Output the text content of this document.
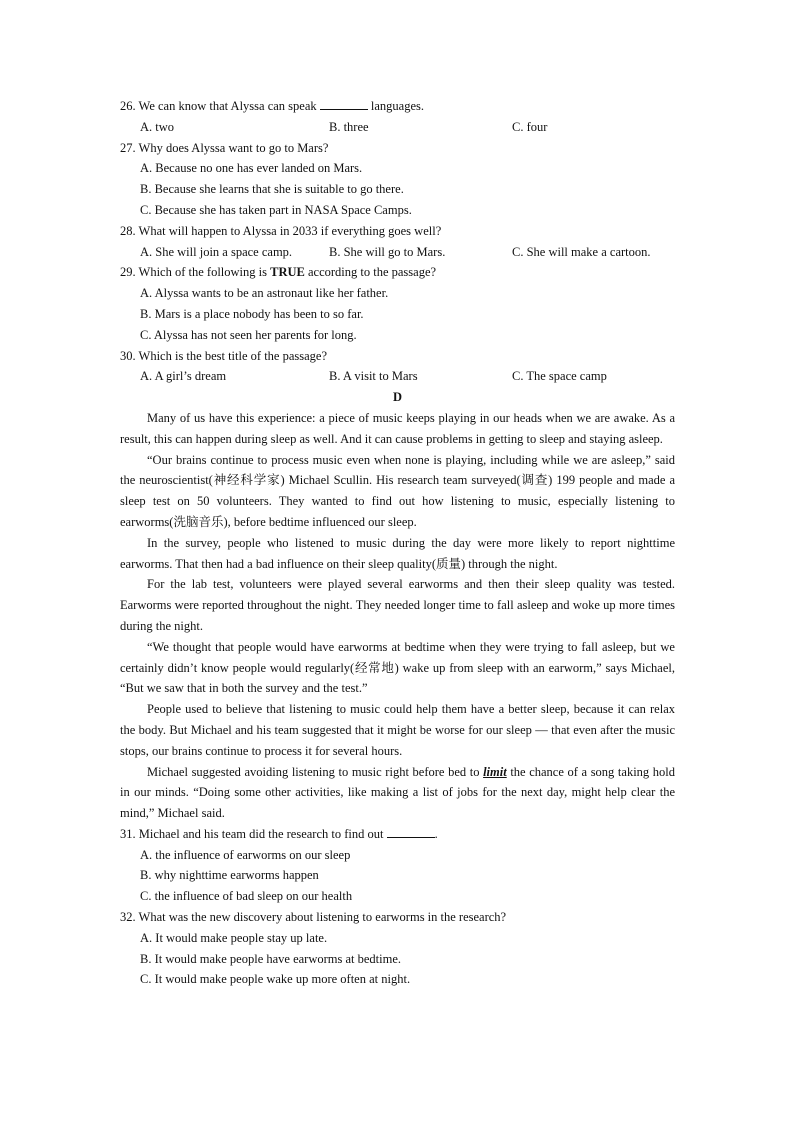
26. We can know that Alyssa can speak	languages.

A. two	B. three	C. four

27. Why does Alyssa want to go to Mars?

A. Because no one has ever landed on Mars.

B. Because she learns that she is suitable to go there.

C. Because she has taken part in NASA Space Camps.

28. What will happen to Alyssa in 2033 if everything goes well?

A. She will join a space camp.	B. She will go to Mars.	C. She will make a cartoon.

29. Which of the following is TRUE according to the passage?

A. Alyssa wants to be an astronaut like her father.

B. Mars is a place nobody has been to so far.

C. Alyssa has not seen her parents for long.

30. Which is the best title of the passage?

A. A girl’s dream	B. A visit to Mars	C. The space camp

D

Many of us have this experience: a piece of music keeps playing in our heads when we are awake. As a result, this can happen during sleep as well. And it can cause problems in getting to sleep and staying asleep.

“Our brains continue to process music even when none is playing, including while we are asleep,” said the neuroscientist(神经科学家) Michael Scullin. His research team surveyed(调查) 199 people and made a sleep test on 50 volunteers. They wanted to find out how listening to music, especially listening to earworms(洗脑音乐), before bedtime influenced our sleep.

In the survey, people who listened to music during the day were more likely to report nighttime earworms. That then had a bad influence on their sleep quality(质量) through the night.

For the lab test, volunteers were played several earworms and then their sleep quality was tested. Earworms were reported throughout the night. They needed longer time to fall asleep and woke up more times during the night.

“We thought that people would have earworms at bedtime when they were trying to fall asleep, but we certainly didn’t know people would regularly(经常地) wake up from sleep with an earworm,” says Michael, “But we saw that in both the survey and the test.”

People used to believe that listening to music could help them have a better sleep, because it can relax the body. But Michael and his team suggested that it might be worse for our sleep — that even after the music stops, our brains continue to process it for several hours.

Michael suggested avoiding listening to music right before bed to limit the chance of a song taking hold in our minds. “Doing some other activities, like making a list of jobs for the next day, might help clear the mind,” Michael said.

31. Michael and his team did the research to find out	.

A. the influence of earworms on our sleep

B. why nighttime earworms happen

C. the influence of bad sleep on our health

32. What was the new discovery about listening to earworms in the research?

A. It would make people stay up late.

B. It would make people have earworms at bedtime.

C. It would make people wake up more often at night.
